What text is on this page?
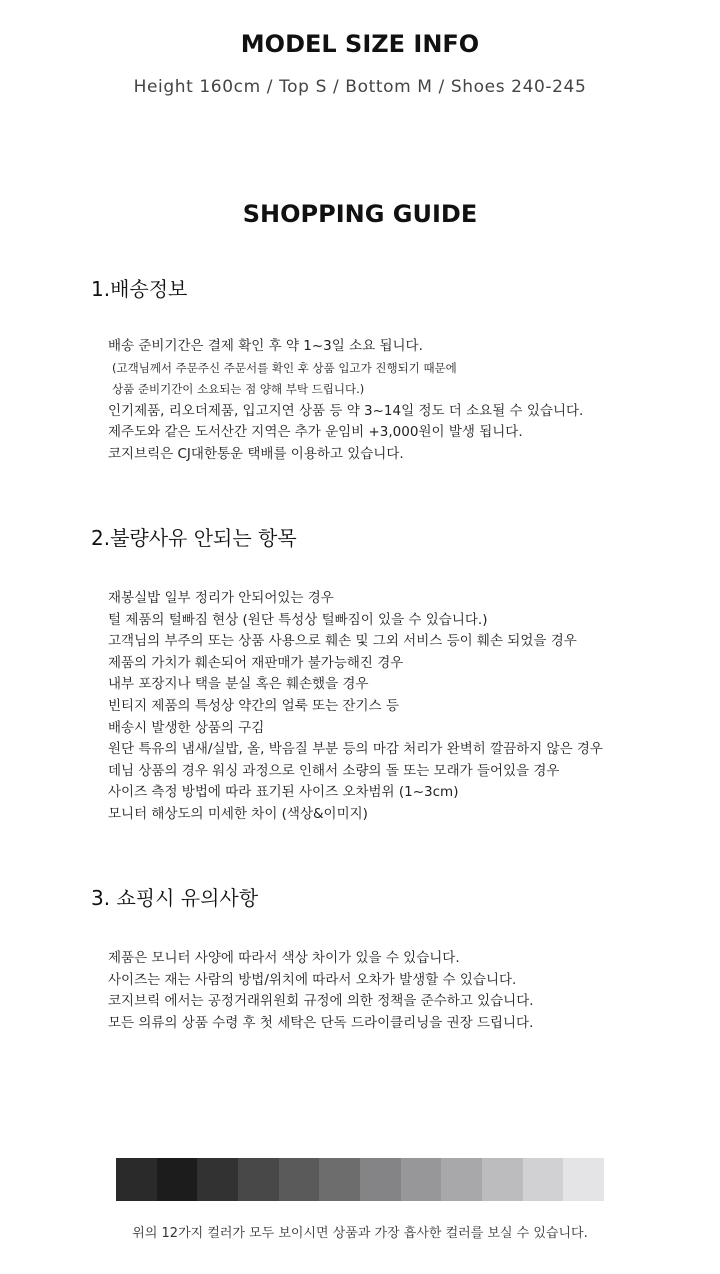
MODEL SIZE INFO
Height 160cm / Top S / Bottom M / Shoes 240-245
SHOPPING GUIDE
1.배송정보
배송 준비기간은 결제 확인 후 약 1~3일 소요 됩니다.
(고객님께서 주문주신 주문서를 확인 후 상품 입고가 진행되기 때문에
상품 준비기간이 소요되는 점 양해 부탁 드립니다.)
인기제품, 리오더제품, 입고지연 상품 등 약 3~14일 정도 더 소요될 수 있습니다.
제주도와 같은 도서산간 지역은 추가 운임비 +3,000원이 발생 됩니다.
코지브릭은 CJ대한통운 택배를 이용하고 있습니다.
2.불량사유 안되는 항목
재봉실밥 일부 정리가 안되어있는 경우
털 제품의 털빠짐 현상 (원단 특성상 털빠짐이 있을 수 있습니다.)
고객님의 부주의 또는 상품 사용으로 훼손 및 그외 서비스 등이 훼손 되었을 경우
제품의 가치가 훼손되어 재판매가 불가능해진 경우
내부 포장지나 택을 분실 혹은 훼손했을 경우
빈티지 제품의 특성상 약간의 얼룩 또는 잔기스 등
배송시 발생한 상품의 구김
원단 특유의 냄새/실밥, 올, 박음질 부분 등의 마감 처리가 완벽히 깔끔하지 않은 경우
데님 상품의 경우 워싱 과정으로 인해서 소량의 돌 또는 모래가 들어있을 경우
사이즈 측정 방법에 따라 표기된 사이즈 오차범위 (1~3cm)
모니터 해상도의 미세한 차이 (색상&이미지)
3. 쇼핑시 유의사항
제품은 모니터 사양에 따라서 색상 차이가 있을 수 있습니다.
사이즈는 재는 사람의 방법/위치에 따라서 오차가 발생할 수 있습니다.
코지브릭 에서는 공정거래위원회 규정에 의한 정책을 준수하고 있습니다.
모든 의류의 상품 수령 후 첫 세탁은 단독 드라이클리닝을 권장 드립니다.
위의 12가지 컬러가 모두 보이시면 상품과 가장 흡사한 컬러를 보실 수 있습니다.
